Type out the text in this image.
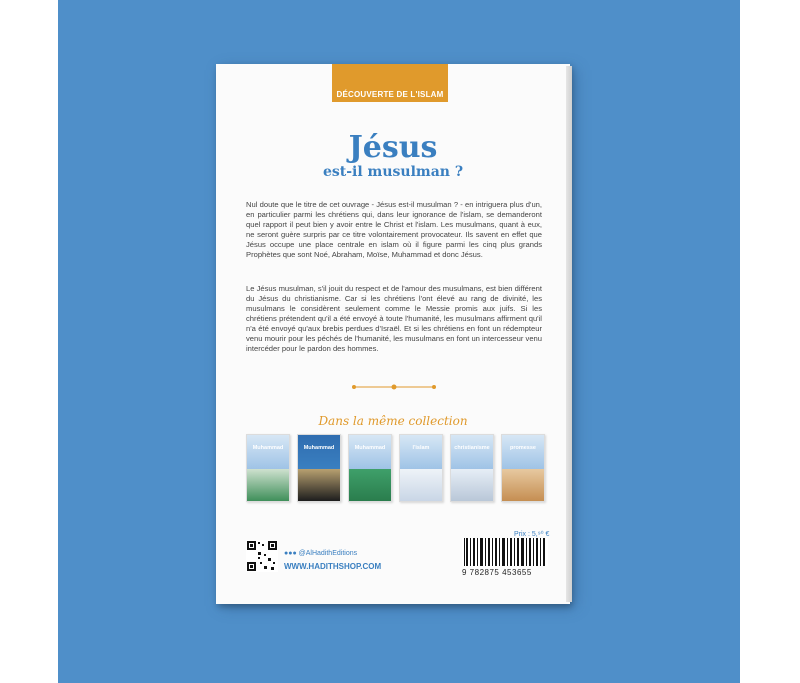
DÉCOUVERTE DE L'ISLAM
Jésus
est-il musulman ?
Nul doute que le titre de cet ouvrage - Jésus est-il musulman ? - en intriguera plus d'un, en particulier parmi les chrétiens qui, dans leur ignorance de l'islam, se demanderont quel rapport il peut bien y avoir entre le Christ et l'islam. Les musulmans, quant à eux, ne seront guère surpris par ce titre volontairement provocateur. Ils savent en effet que Jésus occupe une place centrale en islam où il figure parmi les cinq plus grands Prophètes que sont Noé, Abraham, Moïse, Muhammad et donc Jésus.
Le Jésus musulman, s'il jouit du respect et de l'amour des musulmans, est bien différent du Jésus du christianisme. Car si les chrétiens l'ont élevé au rang de divinité, les musulmans le considèrent seulement comme le Messie promis aux juifs. Si les chrétiens prétendent qu'il a été envoyé à toute l'humanité, les musulmans affirment qu'il n'a été envoyé qu'aux brebis perdues d'Israël. Et si les chrétiens en font un rédempteur venu mourir pour les péchés de l'humanité, les musulmans en font un intercesseur venu intercéder pour le pardon des hommes.
Dans la même collection
Muhammad	Muhammad	Muhammad	l'islam	christianisme	promesse
●●● @AlHadithEditions
WWW.HADITHSHOP.COM
Prix : 5,⁹⁰ €
9 782875 453655
